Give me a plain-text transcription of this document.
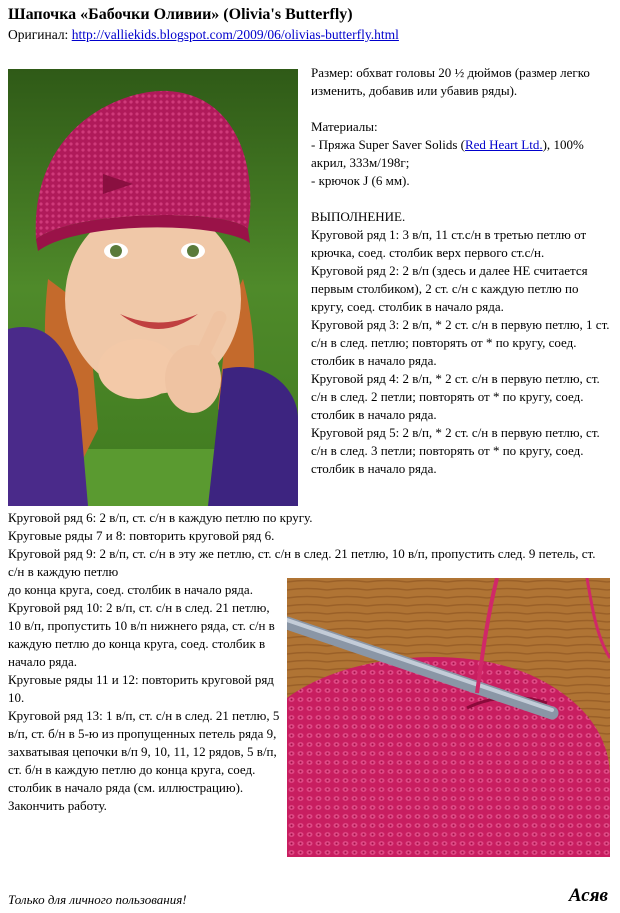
Шапочка «Бабочки Оливии» (Olivia's Butterfly)
Оригинал: http://valliekids.blogspot.com/2009/06/olivias-butterfly.html

Размер: обхват головы 20 ½ дюймов (размер легко изменить, добавив или убавив ряды).

Материалы:

- Пряжа Super Saver Solids (Red Heart Ltd.), 100% акрил, 333м/198г;

- крючок J (6 мм).

ВЫПОЛНЕНИЕ.

Круговой ряд 1: 3 в/п, 11 ст.с/н в третью петлю от крючка, соед. столбик верх первого ст.с/н.

Круговой ряд 2: 2 в/п (здесь и далее НЕ считается первым столбиком), 2 ст. с/н с каждую петлю по кругу, соед. столбик в начало ряда.

Круговой ряд 3: 2 в/п, * 2 ст. с/н в первую петлю, 1 ст. с/н в след. петлю; повторять от * по кругу, соед. столбик в начало ряда.

Круговой ряд 4: 2 в/п, * 2 ст. с/н в первую петлю, ст. с/н в след. 2 петли; повторять от * по кругу, соед. столбик в начало ряда.

Круговой ряд 5: 2 в/п, * 2 ст. с/н в первую петлю, ст. с/н в след. 3 петли; повторять от * по кругу, соед. столбик в начало ряда.

Круговой ряд 6: 2 в/п, ст. с/н в каждую петлю по кругу.

Круговые ряды 7 и 8: повторить круговой ряд 6.

Круговой ряд 9: 2 в/п, ст. с/н в эту же петлю, ст. с/н в след. 21 петлю, 10 в/п, пропустить след. 9 петель, ст. с/н в каждую петлю

до конца круга, соед. столбик в начало ряда.

Круговой ряд 10: 2 в/п, ст. с/н в след. 21 петлю, 10 в/п, пропустить 10 в/п нижнего ряда, ст. с/н в каждую петлю до конца круга, соед. столбик в начало ряда.

Круговые ряды 11 и 12: повторить круговой ряд 10.

Круговой ряд 13: 1 в/п, ст. с/н в след. 21 петлю, 5 в/п, ст. б/н в 5-ю из пропущенных петель ряда 9, захватывая цепочки в/п 9, 10, 11, 12 рядов, 5 в/п, ст. б/н в каждую петлю до конца круга, соед. столбик в начало ряда (см. иллюстрацию). Закончить работу.

Только для личного пользования!	Асяв
